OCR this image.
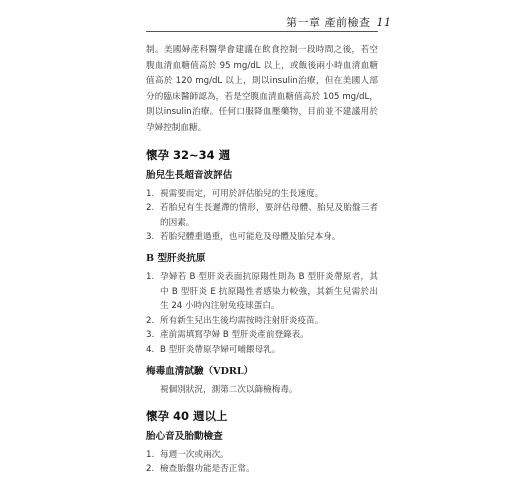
第一章 產前檢查 11

制。美國婦產科醫學會建議在飲食控制一段時間之後，若空腹血清血糖值高於 95 mg/dL 以上，或飯後兩小時血清血糖值高於 120 mg/dL 以上，則以insulin治療，但在美國人部分的臨床醫師認為，若是空腹血清血糖值高於 105 mg/dL，則以insulin治療。任何口服降血壓藥物，目前並不建議用於孕婦控制血糖。

懷孕 32~34 週
胎兒生長超音波評估
1. 視需要而定，可用於評估胎兒的生長速度。
2. 若胎兒有生長遲滯的情形，要評估母體、胎兒及胎盤三者的因素。
3. 若胎兒體重過重，也可能危及母體及胎兒本身。
B 型肝炎抗原
1. 孕婦若 B 型肝炎表面抗原陽性則為 B 型肝炎帶原者，其中 B 型肝炎 E 抗原陽性者感染力較強，其新生兒需於出生 24 小時內注射免疫球蛋白。
2. 所有新生兒出生後均需按時注射肝炎疫苗。
3. 產前需填寫孕婦 B 型肝炎產前登錄表。
4. B 型肝炎帶原孕婦可哺餵母乳。
梅毒血清試驗（VDRL）

視個別狀況，測第二次以篩檢梅毒。

懷孕 40 週以上
胎心音及胎動檢查
1. 每週一次或兩次。
2. 檢查胎盤功能是否正常。
